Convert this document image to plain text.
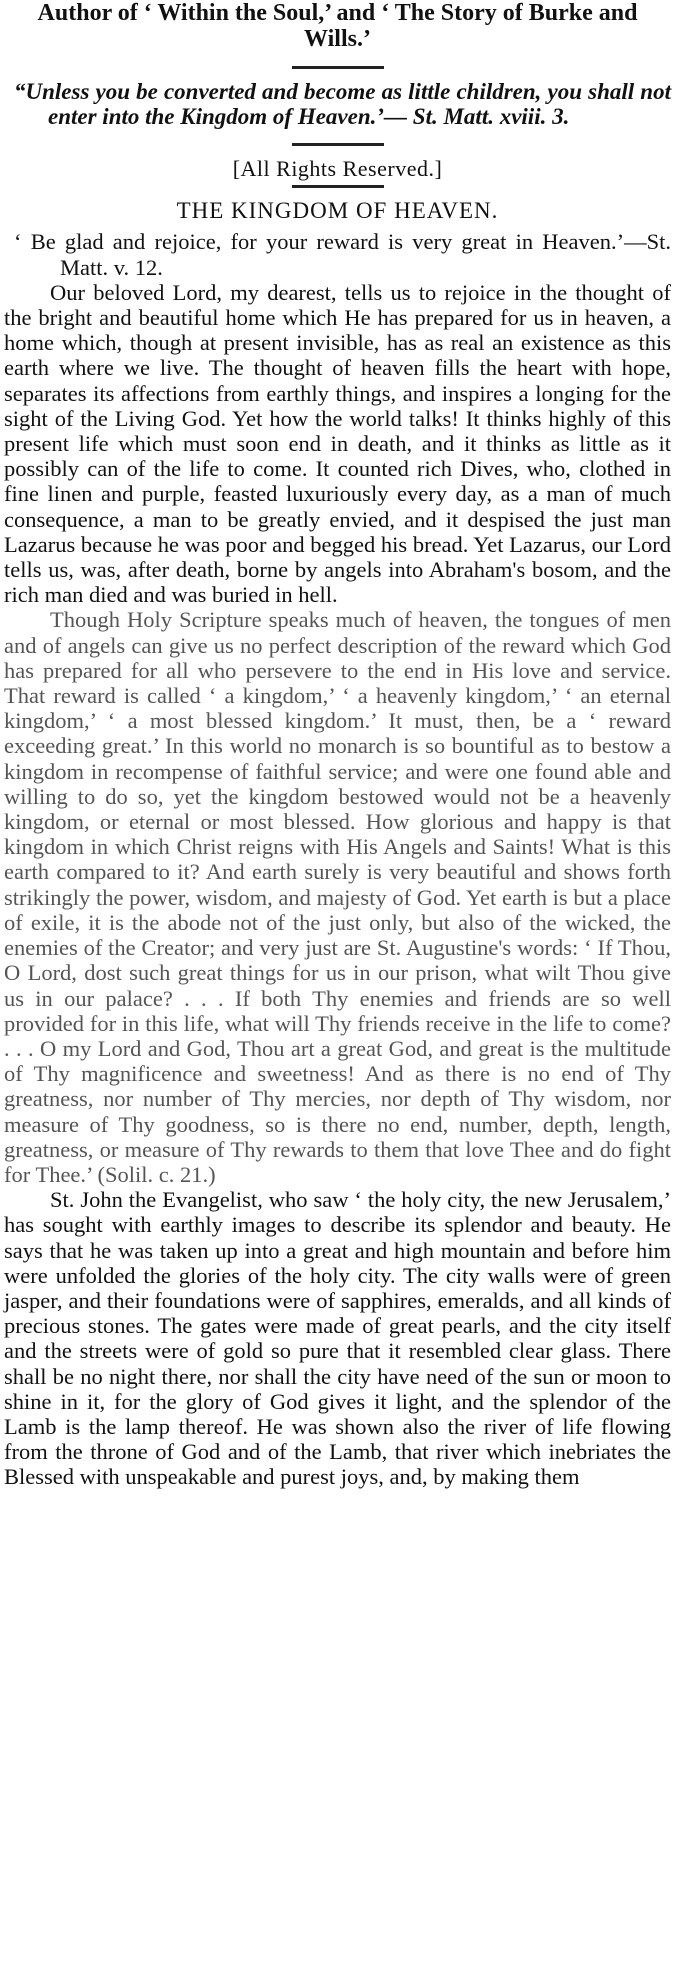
Author of ‘ Within the Soul,’ and ‘ The Story of Burke and Wills.’

“Unless you be converted and become as little children, you shall not enter into the Kingdom of Heaven.’— St. Matt. xviii. 3.

[All Rights Reserved.]

THE KINGDOM OF HEAVEN.

‘ Be glad and rejoice, for your reward is very great in Heaven.’—St. Matt. v. 12.

Our beloved Lord, my dearest, tells us to rejoice in the thought of the bright and beautiful home which He has prepared for us in heaven, a home which, though at present invisible, has as real an existence as this earth where we live. The thought of heaven fills the heart with hope, separates its affections from earthly things, and inspires a longing for the sight of the Living God. Yet how the world talks! It thinks highly of this present life which must soon end in death, and it thinks as little as it possibly can of the life to come. It counted rich Dives, who, clothed in fine linen and purple, feasted luxuriously every day, as a man of much consequence, a man to be greatly envied, and it despised the just man Lazarus because he was poor and begged his bread. Yet Lazarus, our Lord tells us, was, after death, borne by angels into Abraham's bosom, and the rich man died and was buried in hell.

Though Holy Scripture speaks much of heaven, the tongues of men and of angels can give us no perfect description of the reward which God has prepared for all who persevere to the end in His love and service. That reward is called ‘ a kingdom,’ ‘ a heavenly kingdom,’ ‘ an eternal kingdom,’ ‘ a most blessed kingdom.’ It must, then, be a ‘ reward exceeding great.’ In this world no monarch is so bountiful as to bestow a kingdom in recompense of faithful service; and were one found able and willing to do so, yet the kingdom bestowed would not be a heavenly kingdom, or eternal or most blessed. How glorious and happy is that kingdom in which Christ reigns with His Angels and Saints! What is this earth compared to it? And earth surely is very beautiful and shows forth strikingly the power, wisdom, and majesty of God. Yet earth is but a place of exile, it is the abode not of the just only, but also of the wicked, the enemies of the Creator; and very just are St. Augustine's words: ‘ If Thou, O Lord, dost such great things for us in our prison, what wilt Thou give us in our palace? . . . If both Thy enemies and friends are so well provided for in this life, what will Thy friends receive in the life to come? . . . O my Lord and God, Thou art a great God, and great is the multitude of Thy magnificence and sweetness! And as there is no end of Thy greatness, nor number of Thy mercies, nor depth of Thy wisdom, nor measure of Thy goodness, so is there no end, number, depth, length, greatness, or measure of Thy rewards to them that love Thee and do fight for Thee.’ (Solil. c. 21.)

St. John the Evangelist, who saw ‘ the holy city, the new Jerusalem,’ has sought with earthly images to describe its splendor and beauty. He says that he was taken up into a great and high mountain and before him were unfolded the glories of the holy city. The city walls were of green jasper, and their foundations were of sapphires, emeralds, and all kinds of precious stones. The gates were made of great pearls, and the city itself and the streets were of gold so pure that it resembled clear glass. There shall be no night there, nor shall the city have need of the sun or moon to shine in it, for the glory of God gives it light, and the splendor of the Lamb is the lamp thereof. He was shown also the river of life flowing from the throne of God and of the Lamb, that river which inebriates the Blessed with unspeakable and purest joys, and, by making them
